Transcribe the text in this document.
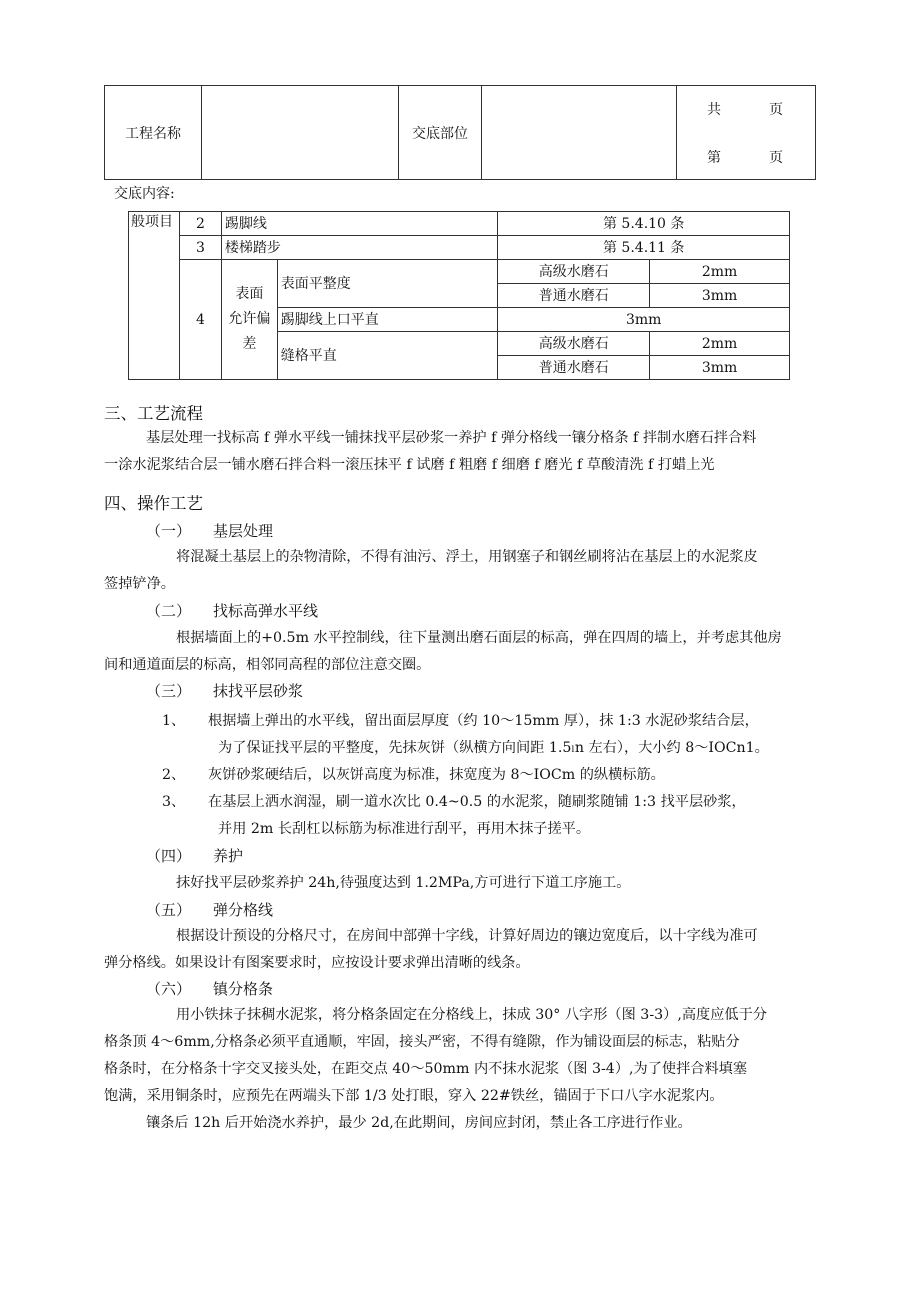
工程名称		交底部位		
共	页
第	页
交底内容:
般项目	2	踢脚线		第 5.4.10 条	
	3	楼梯踏步		第 5.4.11 条	
	4	表面
允许偏
差	表面平整度	高级水磨石	2mm
				普通水磨石	3mm
			踢脚线上口平直	3mm	
			缝格平直	高级水磨石	2mm
				普通水磨石	3mm
三、工艺流程
基层处理一找标高 f 弹水平线一铺抹找平层砂浆一养护 f 弹分格线一镶分格条 f 拌制水磨石拌合料
一涂水泥浆结合层一铺水磨石拌合料一滚压抹平 f 试磨 f 粗磨 f 细磨 f 磨光 f 草酸清洗 f 打蜡上光
四、操作工艺
（一） 基层处理
将混凝土基层上的杂物清除，不得有油污、浮土，用钢塞子和钢丝刷将沾在基层上的水泥浆皮
签掉铲净。
（二） 找标高弹水平线
根据墙面上的+0.5m 水平控制线，往下量测出磨石面层的标高，弹在四周的墙上，并考虑其他房
间和通道面层的标高，相邻同高程的部位注意交圈。
（三） 抹找平层砂浆
1、 根据墙上弹出的水平线，留出面层厚度（约 10～15mm 厚），抹 1:3 水泥砂浆结合层，
为了保证找平层的平整度，先抹灰饼（纵横方向间距 1.5ₗn 左右），大小约 8～IOCn1。
2、 灰饼砂浆硬结后，以灰饼高度为标准，抹宽度为 8～IOCm 的纵横标筋。
3、 在基层上洒水润湿，刷一道水次比 0.4~0.5 的水泥浆，随刷浆随铺 1:3 找平层砂浆，
并用 2m 长刮杠以标筋为标准进行刮平，再用木抹子搓平。
（四） 养护
抹好找平层砂浆养护 24h,待强度达到 1.2MPa,方可进行下道工序施工。
（五） 弹分格线
根据设计预设的分格尺寸，在房间中部弹十字线，计算好周边的镶边宽度后，以十字线为准可
弹分格线。如果设计有图案要求时，应按设计要求弹出清晰的线条。
（六） 镇分格条
用小铁抹子抹稠水泥浆，将分格条固定在分格线上，抹成 30° 八字形（图 3-3）,高度应低于分
格条顶 4～6mm,分格条必须平直通顺，牢固，接头严密，不得有缝隙，作为铺设面层的标志，粘贴分
格条时，在分格条十字交叉接头处，在距交点 40～50mm 内不抹水泥浆（图 3-4）,为了使拌合料填塞
饱满，采用铜条时，应预先在两端头下部 1/3 处打眼，穿入 22#铁丝，锚固于下口八字水泥浆内。
镶条后 12h 后开始浇水养护，最少 2d,在此期间，房间应封闭，禁止各工序进行作业。
